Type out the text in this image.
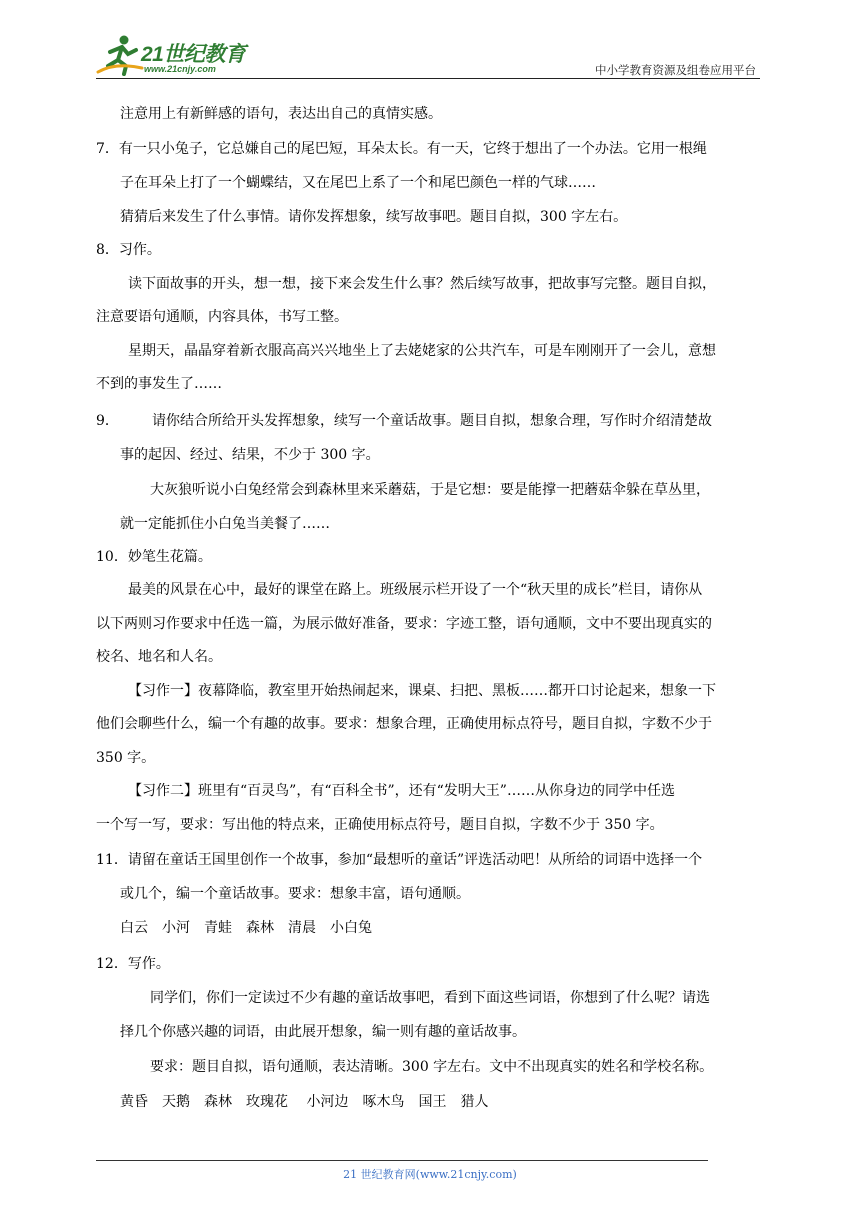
21世纪教育
www.21cnjy.com	中小学教育资源及组卷应用平台
注意用上有新鲜感的语句，表达出自己的真情实感。
7．有一只小兔子，它总嫌自己的尾巴短，耳朵太长。有一天，它终于想出了一个办法。它用一根绳
子在耳朵上打了一个蝴蝶结，又在尾巴上系了一个和尾巴颜色一样的气球……
猜猜后来发生了什么事情。请你发挥想象，续写故事吧。题目自拟，300 字左右。
8．习作。
读下面故事的开头，想一想，接下来会发生什么事？然后续写故事，把故事写完整。题目自拟，
注意要语句通顺，内容具体，书写工整。
星期天，晶晶穿着新衣服高高兴兴地坐上了去姥姥家的公共汽车，可是车刚刚开了一会儿，意想
不到的事发生了……
9． 请你结合所给开头发挥想象，续写一个童话故事。题目自拟，想象合理，写作时介绍清楚故
事的起因、经过、结果，不少于 300 字。
大灰狼听说小白兔经常会到森林里来采蘑菇，于是它想：要是能撑一把蘑菇伞躲在草丛里，
就一定能抓住小白兔当美餐了……
10．妙笔生花篇。
最美的风景在心中，最好的课堂在路上。班级展示栏开设了一个“秋天里的成长”栏目，请你从
以下两则习作要求中任选一篇，为展示做好准备，要求：字迹工整，语句通顺，文中不要出现真实的
校名、地名和人名。
【习作一】夜幕降临，教室里开始热闹起来，课桌、扫把、黑板……都开口讨论起来，想象一下
他们会聊些什么，编一个有趣的故事。要求：想象合理，正确使用标点符号，题目自拟，字数不少于
350 字。
【习作二】班里有“百灵鸟”，有“百科全书”，还有“发明大王”……从你身边的同学中任选
一个写一写，要求：写出他的特点来，正确使用标点符号，题目自拟，字数不少于 350 字。
11．请留在童话王国里创作一个故事，参加“最想听的童话”评选活动吧！从所给的词语中选择一个
或几个，编一个童话故事。要求：想象丰富，语句通顺。
白云　小河　青蛙　森林　清晨　小白兔
12．写作。
同学们，你们一定读过不少有趣的童话故事吧，看到下面这些词语，你想到了什么呢？请选
择几个你感兴趣的词语，由此展开想象，编一则有趣的童话故事。
要求：题目自拟，语句通顺，表达清晰。300 字左右。文中不出现真实的姓名和学校名称。
黄昏　天鹅　森林　玫瑰花　 小河边　啄木鸟　国王　猎人
21 世纪教育网(www.21cnjy.com)
